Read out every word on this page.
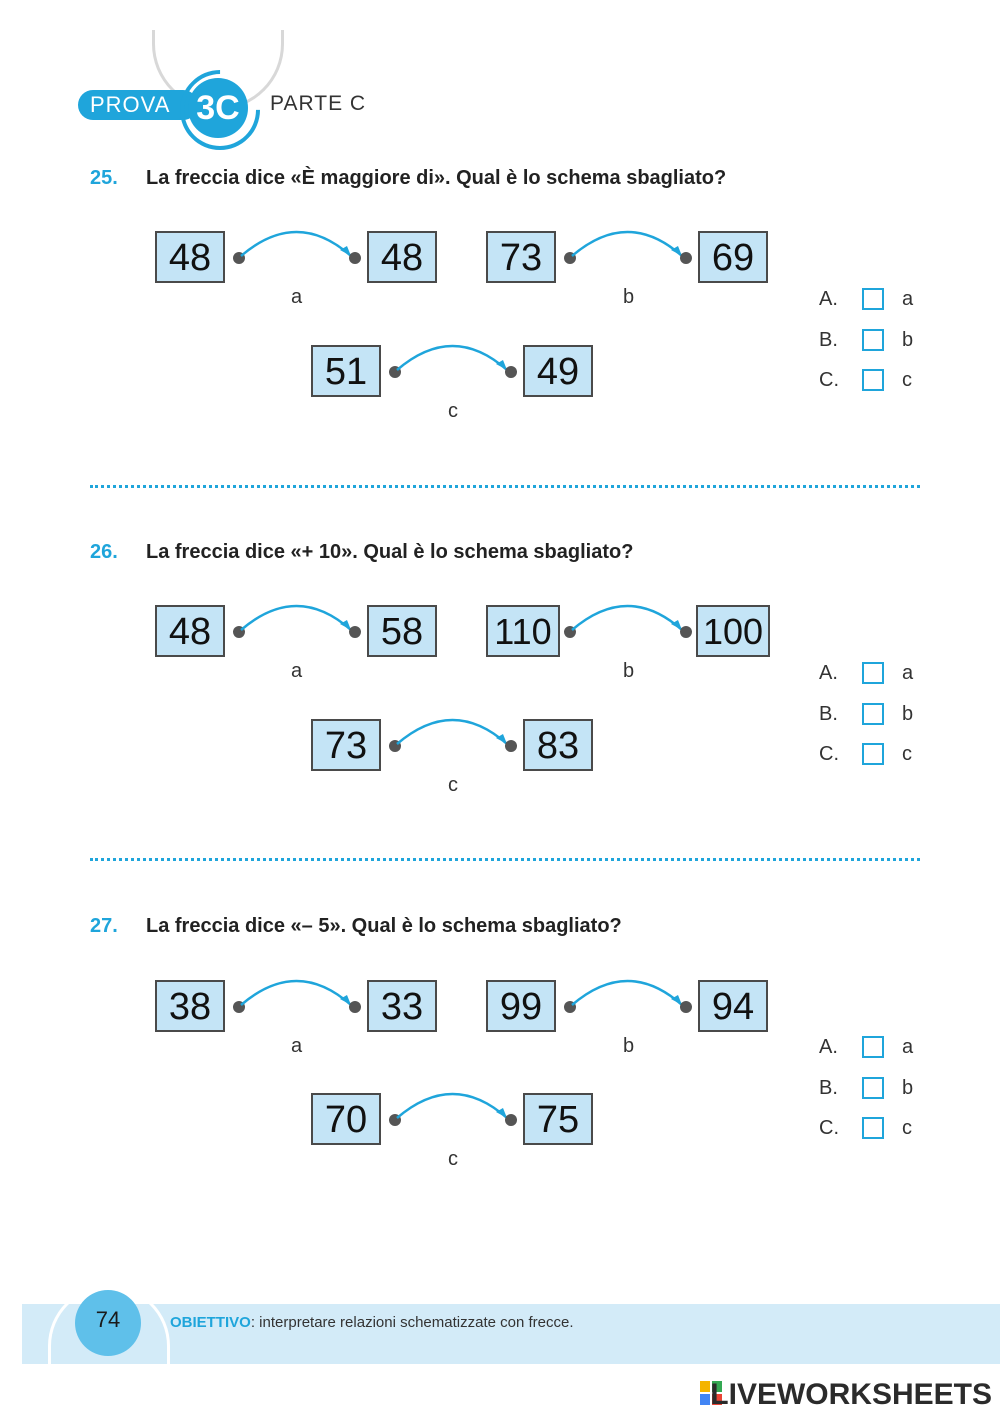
PROVA 3C	PARTE C
25. La freccia dice «È maggiore di». Qual è lo schema sbagliato?
48	48
a
73	69
b
51	49
c
A.	a
B.	b
C.	c
26. La freccia dice «+ 10». Qual è lo schema sbagliato?
48	58
a
110	100
b
73	83
c
A.	a
B.	b
C.	c
27. La freccia dice «– 5». Qual è lo schema sbagliato?
38	33
a
99	94
b
70	75
c
A.	a
B.	b
C.	c
74	OBIETTIVO: interpretare relazioni schematizzate con frecce.
LIVEWORKSHEETS
